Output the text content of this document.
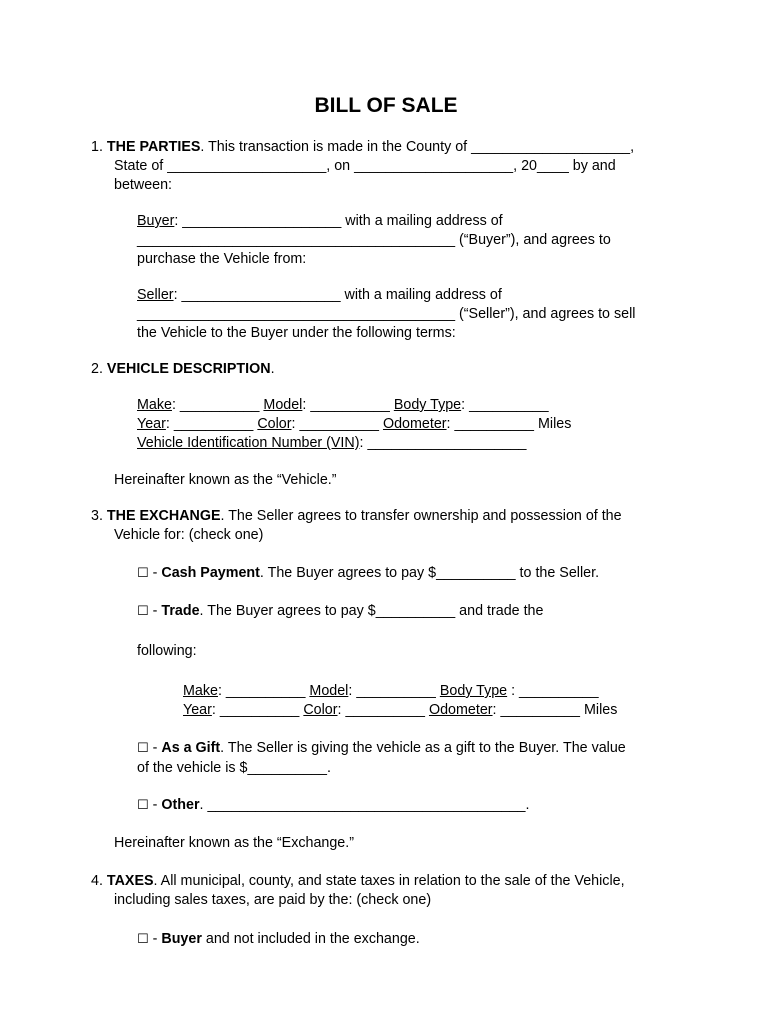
BILL OF SALE
1. THE PARTIES. This transaction is made in the County of ____________________,
State of ____________________, on ____________________, 20____ by and
between:
Buyer: ____________________ with a mailing address of
________________________________________ (“Buyer”), and agrees to
purchase the Vehicle from:
Seller: ____________________ with a mailing address of
________________________________________ (“Seller”), and agrees to sell
the Vehicle to the Buyer under the following terms:
2. VEHICLE DESCRIPTION.
Make: __________ Model: __________ Body Type: __________
Year: __________ Color: __________ Odometer: __________ Miles
Vehicle Identification Number (VIN): ____________________
Hereinafter known as the “Vehicle.”
3. THE EXCHANGE. The Seller agrees to transfer ownership and possession of the
Vehicle for: (check one)
☐ - Cash Payment. The Buyer agrees to pay $__________ to the Seller.
☐ - Trade. The Buyer agrees to pay $__________ and trade the
following:
Make: __________ Model: __________ Body Type : __________
Year: __________ Color: __________ Odometer: __________ Miles
☐ - As a Gift. The Seller is giving the vehicle as a gift to the Buyer. The value
of the vehicle is $__________.
☐ - Other. ________________________________________.
Hereinafter known as the “Exchange.”
4. TAXES. All municipal, county, and state taxes in relation to the sale of the Vehicle,
including sales taxes, are paid by the: (check one)
☐ - Buyer and not included in the exchange.
